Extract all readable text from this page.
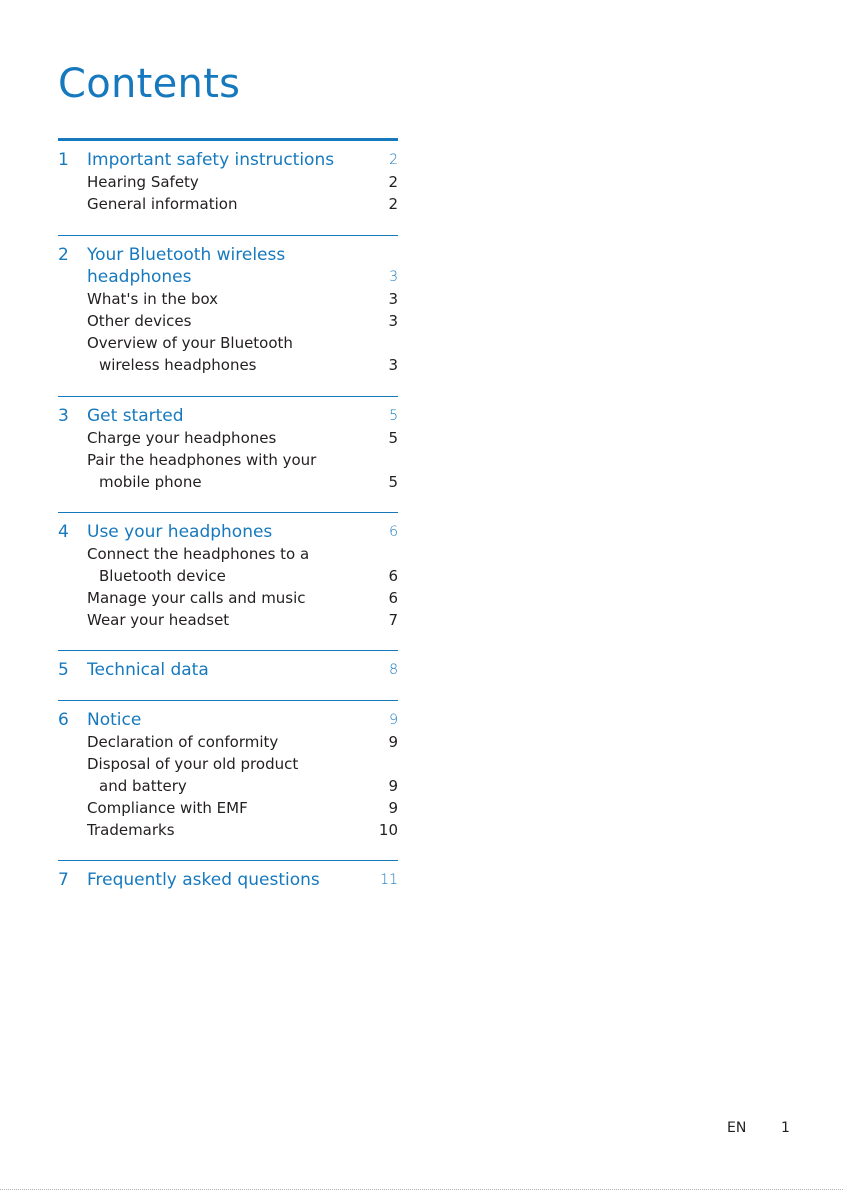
Contents
1 Important safety instructions	2
Hearing Safety	2
General information	2
2 Your Bluetooth wireless
headphones	3
What's in the box	3
Other devices	3
Overview of your Bluetooth
wireless headphones	3
3 Get started	5
Charge your headphones	5
Pair the headphones with your
mobile phone	5
4 Use your headphones	6
Connect the headphones to a
Bluetooth device	6
Manage your calls and music	6
Wear your headset	7
5 Technical data	8
6 Notice	9
Declaration of conformity	9
Disposal of your old product
and battery	9
Compliance with EMF	9
Trademarks	10
7 Frequently asked questions	11
EN 1
